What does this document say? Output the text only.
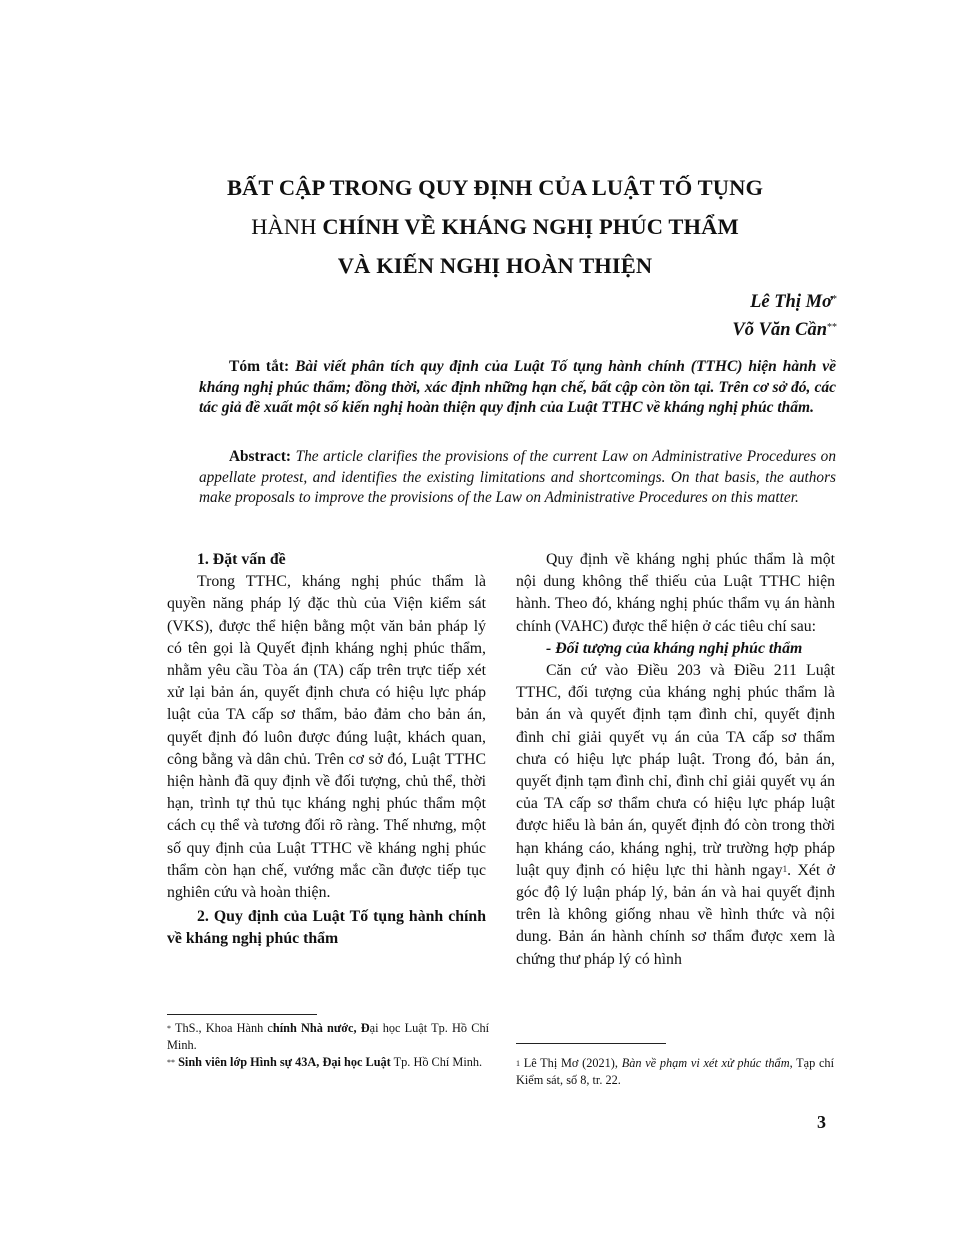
BẤT CẬP TRONG QUY ĐỊNH CỦA LUẬT TỐ TỤNG
HÀNH CHÍNH VỀ KHÁNG NGHỊ PHÚC THẨM
VÀ KIẾN NGHỊ HOÀN THIỆN
Lê Thị Mơ*
Võ Văn Cần**

Tóm tắt: Bài viết phân tích quy định của Luật Tố tụng hành chính (TTHC) hiện hành về kháng nghị phúc thẩm; đồng thời, xác định những hạn chế, bất cập còn tồn tại. Trên cơ sở đó, các tác giả đề xuất một số kiến nghị hoàn thiện quy định của Luật TTHC về kháng nghị phúc thẩm.

Abstract: The article clarifies the provisions of the current Law on Administrative Procedures on appellate protest, and identifies the existing limitations and shortcomings. On that basis, the authors make proposals to improve the provisions of the Law on Administrative Procedures on this matter.

1. Đặt vấn đề

Trong TTHC, kháng nghị phúc thẩm là quyền năng pháp lý đặc thù của Viện kiểm sát (VKS), được thể hiện bằng một văn bản pháp lý có tên gọi là Quyết định kháng nghị phúc thẩm, nhằm yêu cầu Tòa án (TA) cấp trên trực tiếp xét xử lại bản án, quyết định chưa có hiệu lực pháp luật của TA cấp sơ thẩm, bảo đảm cho bản án, quyết định đó luôn được đúng luật, khách quan, công bằng và dân chủ. Trên cơ sở đó, Luật TTHC hiện hành đã quy định về đối tượng, chủ thể, thời hạn, trình tự thủ tục kháng nghị phúc thẩm một cách cụ thể và tương đối rõ ràng. Thế nhưng, một số quy định của Luật TTHC về kháng nghị phúc thẩm còn hạn chế, vướng mắc cần được tiếp tục nghiên cứu và hoàn thiện.

2. Quy định của Luật Tố tụng hành chính về kháng nghị phúc thẩm

Quy định về kháng nghị phúc thẩm là một nội dung không thể thiếu của Luật TTHC hiện hành. Theo đó, kháng nghị phúc thẩm vụ án hành chính (VAHC) được thể hiện ở các tiêu chí sau:

- Đối tượng của kháng nghị phúc thẩm

Căn cứ vào Điều 203 và Điều 211 Luật TTHC, đối tượng của kháng nghị phúc thẩm là bản án và quyết định tạm đình chỉ, quyết định đình chỉ giải quyết vụ án của TA cấp sơ thẩm chưa có hiệu lực pháp luật. Trong đó, bản án, quyết định tạm đình chỉ, đình chỉ giải quyết vụ án của TA cấp sơ thẩm chưa có hiệu lực pháp luật được hiểu là bản án, quyết định đó còn trong thời hạn kháng cáo, kháng nghị, trừ trường hợp pháp luật quy định có hiệu lực thi hành ngay$^1$. Xét ở góc độ lý luận pháp lý, bản án và hai quyết định trên là không giống nhau về hình thức và nội dung. Bản án hành chính sơ thẩm được xem là chứng thư pháp lý có hình

* ThS., Khoa Hành chính Nhà nước, Đại học Luật Tp. Hồ Chí Minh.
** Sinh viên lớp Hình sự 43A, Đại học Luật Tp. Hồ Chí Minh.	$^1$ Lê Thị Mơ (2021), Bàn về phạm vi xét xử phúc thẩm, Tạp chí Kiểm sát, số 8, tr. 22.
3
